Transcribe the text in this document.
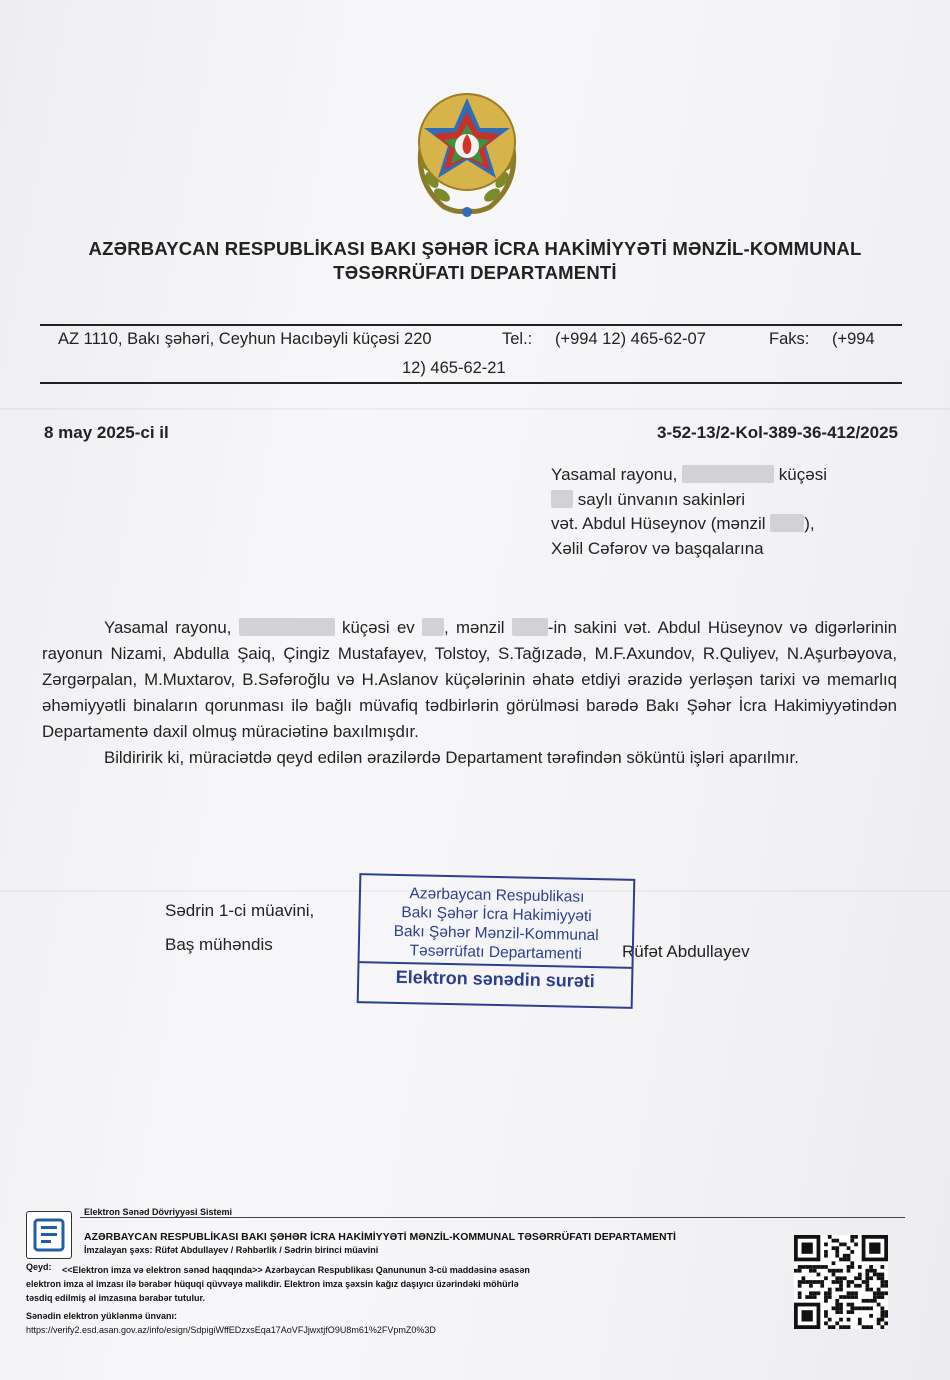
AZƏRBAYCAN RESPUBLİKASI BAKI ŞƏHƏR İCRA HAKİMİYYƏTİ MƏNZİL-KOMMUNAL
TƏSƏRRÜFATI DEPARTAMENTİ
AZ 1110, Bakı şəhəri, Ceyhun Hacıbəyli küçəsi 220	Tel.: (+994 12) 465-62-07	Faks: (+994
12) 465-62-21
8 may 2025-ci il	3-52-13/2-Kol-389-36-412/2025
Yasamal rayonu,	küçəsi
saylı ünvanın sakinləri
vət. Abdul Hüseynov (mənzil ),
Xəlil Cəfərov və başqalarına

Yasamal rayonu,	küçəsi ev , mənzil	-in sakini vət. Abdul Hüseynov və digərlərinin rayonun Nizami, Abdulla Şaiq, Çingiz Mustafayev, Tolstoy, S.Tağızadə, M.F.Axundov, R.Quliyev, N.Aşurbəyova, Zərgərpalan, M.Muxtarov, B.Səfəroğlu və H.Aslanov küçələrinin əhatə etdiyi ərazidə yerləşən tarixi və memarlıq əhəmiyyətli binaların qorunması ilə bağlı müvafiq tədbirlərin görülməsi barədə Bakı Şəhər İcra Hakimiyyətindən Departamentə daxil olmuş müraciətinə baxılmışdır.

Bildiririk ki, müraciətdə qeyd edilən ərazilərdə Departament tərəfindən söküntü işləri aparılmır.

Sədrin 1-ci müavini,
Baş mühəndis	Rüfət Abdullayev
Azərbaycan Respublikası
Bakı Şəhər İcra Hakimiyyəti
Bakı Şəhər Mənzil-Kommunal
Təsərrüfatı Departamenti
Elektron sənədin surəti
Elektron Sənəd Dövriyyəsi Sistemi
AZƏRBAYCAN RESPUBLİKASI BAKI ŞƏHƏR İCRA HAKİMİYYƏTİ MƏNZİL-KOMMUNAL TƏSƏRRÜFATI DEPARTAMENTİ
İmzalayan şəxs: Rüfət Abdullayev / Rəhbərlik / Sədrin birinci müavini
Qeyd: <<Elektron imza və elektron sənəd haqqında>> Azərbaycan Respublikası Qanununun 3-cü maddəsinə əsasən
elektron imza əl imzası ilə bərabər hüquqi qüvvəyə malikdir. Elektron imza şəxsin kağız daşıyıcı üzərindəki möhürlə
təsdiq edilmiş əl imzasına bərabər tutulur.
Sənədin elektron yüklənmə ünvanı:
https://verify2.esd.asan.gov.az/info/esign/SdpigiWffEDzxsEqa17AoVFJjwxtjfO9U8m61%2FVpmZ0%3D
